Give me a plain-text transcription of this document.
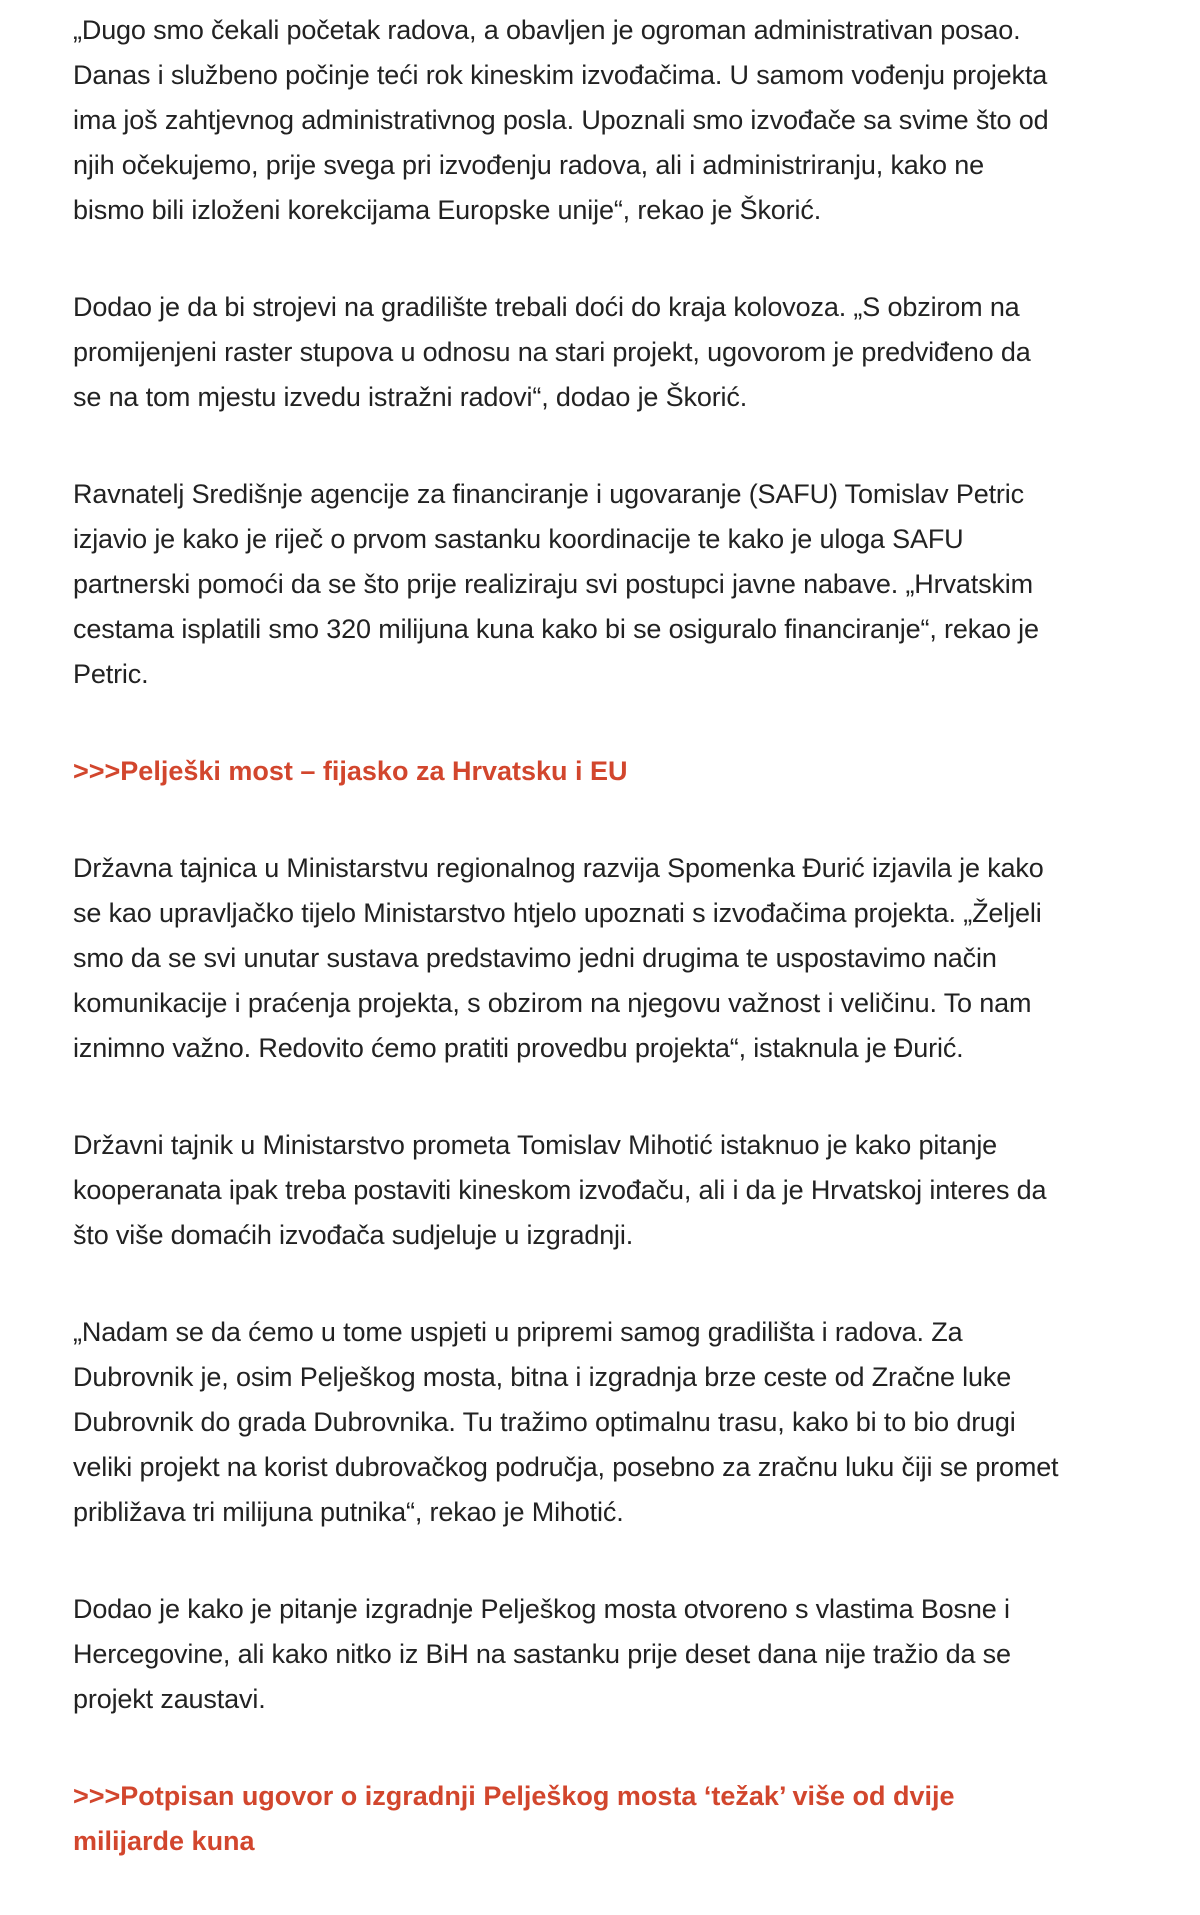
„Dugo smo čekali početak radova, a obavljen je ogroman administrativan posao.
Danas i službeno počinje teći rok kineskim izvođačima. U samom vođenju projekta
ima još zahtjevnog administrativnog posla. Upoznali smo izvođače sa svime što od
njih očekujemo, prije svega pri izvođenju radova, ali i administriranju, kako ne
bismo bili izloženi korekcijama Europske unije“, rekao je Škorić.

Dodao je da bi strojevi na gradilište trebali doći do kraja kolovoza. „S obzirom na
promijenjeni raster stupova u odnosu na stari projekt, ugovorom je predviđeno da
se na tom mjestu izvedu istražni radovi“, dodao je Škorić.

Ravnatelj Središnje agencije za financiranje i ugovaranje (SAFU) Tomislav Petric
izjavio je kako je riječ o prvom sastanku koordinacije te kako je uloga SAFU
partnerski pomoći da se što prije realiziraju svi postupci javne nabave. „Hrvatskim
cestama isplatili smo 320 milijuna kuna kako bi se osiguralo financiranje“, rekao je
Petric.

>>>Pelješki most – fijasko za Hrvatsku i EU

Državna tajnica u Ministarstvu regionalnog razvija Spomenka Đurić izjavila je kako
se kao upravljačko tijelo Ministarstvo htjelo upoznati s izvođačima projekta. „Željeli
smo da se svi unutar sustava predstavimo jedni drugima te uspostavimo način
komunikacije i praćenja projekta, s obzirom na njegovu važnost i veličinu. To nam
iznimno važno. Redovito ćemo pratiti provedbu projekta“, istaknula je Đurić.

Državni tajnik u Ministarstvo prometa Tomislav Mihotić istaknuo je kako pitanje
kooperanata ipak treba postaviti kineskom izvođaču, ali i da je Hrvatskoj interes da
što više domaćih izvođača sudjeluje u izgradnji.

„Nadam se da ćemo u tome uspjeti u pripremi samog gradilišta i radova. Za
Dubrovnik je, osim Pelješkog mosta, bitna i izgradnja brze ceste od Zračne luke
Dubrovnik do grada Dubrovnika. Tu tražimo optimalnu trasu, kako bi to bio drugi
veliki projekt na korist dubrovačkog područja, posebno za zračnu luku čiji se promet
približava tri milijuna putnika“, rekao je Mihotić.

Dodao je kako je pitanje izgradnje Pelješkog mosta otvoreno s vlastima Bosne i
Hercegovine, ali kako nitko iz BiH na sastanku prije deset dana nije tražio da se
projekt zaustavi.

>>>Potpisan ugovor o izgradnji Pelješkog mosta ‘težak’ više od dvije
milijarde kuna
